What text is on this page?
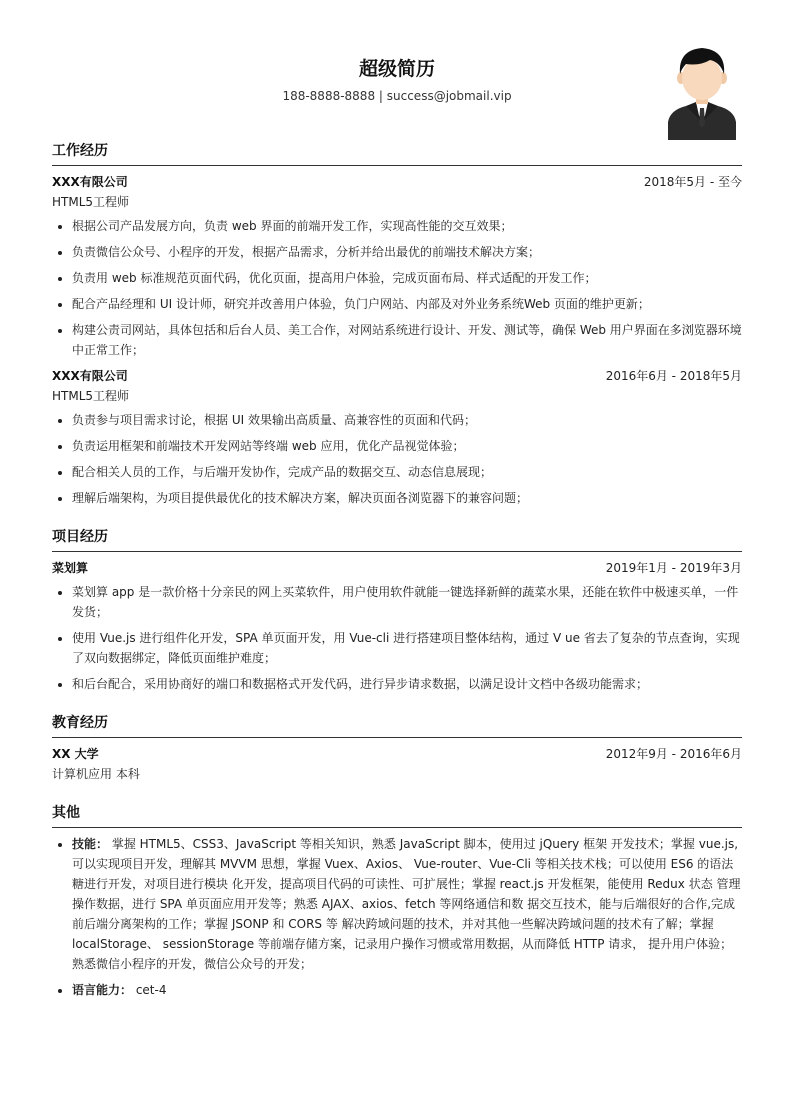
超级简历
188-8888-8888 | success@jobmail.vip
工作经历
XXX有限公司	2018年5月 - 至今
HTML5工程师
• 根据公司产品发展方向，负责 web 界面的前端开发工作，实现高性能的交互效果；
• 负责微信公众号、小程序的开发，根据产品需求，分析并给出最优的前端技术解决方案；
• 负责用 web 标准规范页面代码，优化页面，提高用户体验，完成页面布局、样式适配的开发工作；
• 配合产品经理和 UI 设计师，研究并改善用户体验，负门户网站、内部及对外业务系统Web 页面的维护更新；
• 构建公责司网站，具体包括和后台人员、美工合作，对网站系统进行设计、开发、测试等，确保 Web 用户界面在多浏览器环境中正常工作；
XXX有限公司	2016年6月 - 2018年5月
HTML5工程师
• 负责参与项目需求讨论，根据 UI 效果输出高质量、高兼容性的页面和代码；
• 负责运用框架和前端技术开发网站等终端 web 应用，优化产品视觉体验；
• 配合相关人员的工作，与后端开发协作，完成产品的数据交互、动态信息展现；
• 理解后端架构，为项目提供最优化的技术解决方案，解决页面各浏览器下的兼容问题；
项目经历
菜划算	2019年1月 - 2019年3月
• 菜划算 app 是一款价格十分亲民的网上买菜软件，用户使用软件就能一键选择新鲜的蔬菜水果，还能在软件中极速买单，一件发货；
• 使用 Vue.js 进行组件化开发，SPA 单页面开发，用 Vue-cli 进行搭建项目整体结构，通过 V ue 省去了复杂的节点查询，实现了双向数据绑定，降低页面维护难度；
• 和后台配合，采用协商好的端口和数据格式开发代码，进行异步请求数据，以满足设计文档中各级功能需求；
教育经历
XX 大学	2012年9月 - 2016年6月
计算机应用 本科
其他
• 技能： 掌握 HTML5、CSS3、JavaScript 等相关知识，熟悉 JavaScript 脚本，使用过 jQuery 框架 开发技术；掌握 vue.js,可以实现项目开发，理解其 MVVM 思想，掌握 Vuex、Axios、 Vue-router、Vue-Cli 等相关技术栈；可以使用 ES6 的语法糖进行开发，对项目进行模块 化开发，提高项目代码的可读性、可扩展性；掌握 react.js 开发框架，能使用 Redux 状态 管理操作数据，进行 SPA 单页面应用开发等；熟悉 AJAX、axios、fetch 等网络通信和数 据交互技术，能与后端很好的合作,完成前后端分离架构的工作；掌握 JSONP 和 CORS 等 解决跨域问题的技术，并对其他一些解决跨域问题的技术有了解；掌握 localStorage、 sessionStorage 等前端存储方案，记录用户操作习惯或常用数据，从而降低 HTTP 请求， 提升用户体验；熟悉微信小程序的开发，微信公众号的开发；
• 语言能力： cet-4
